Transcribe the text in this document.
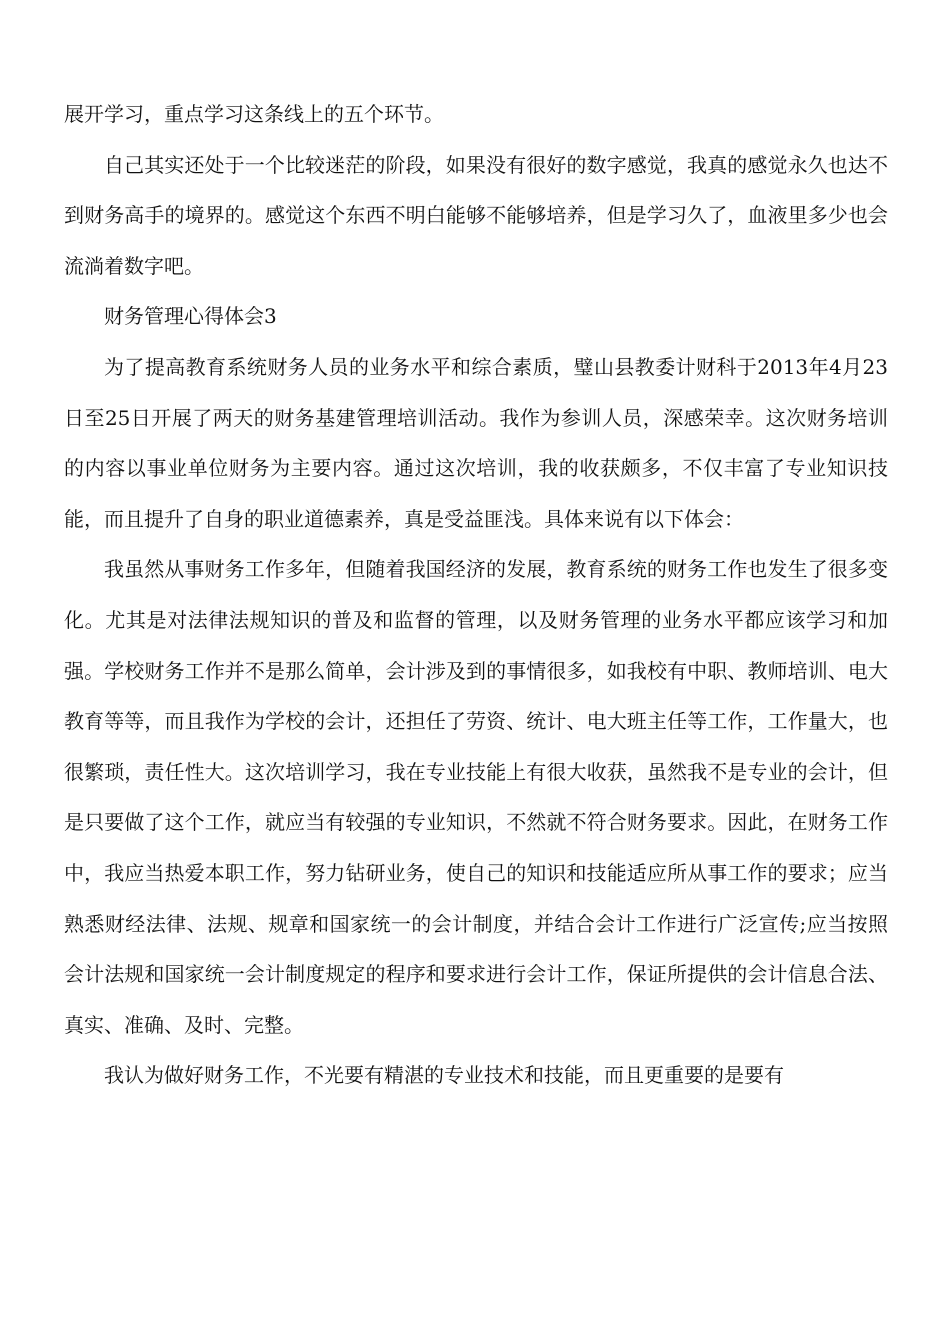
展开学习，重点学习这条线上的五个环节。

自己其实还处于一个比较迷茫的阶段，如果没有很好的数字感觉，我真的感觉永久也达不到财务高手的境界的。感觉这个东西不明白能够不能够培养，但是学习久了，血液里多少也会流淌着数字吧。

财务管理心得体会3

为了提高教育系统财务人员的业务水平和综合素质，璧山县教委计财科于2013年4月23日至25日开展了两天的财务基建管理培训活动。我作为参训人员，深感荣幸。这次财务培训的内容以事业单位财务为主要内容。通过这次培训，我的收获颇多，不仅丰富了专业知识技能，而且提升了自身的职业道德素养，真是受益匪浅。具体来说有以下体会：

我虽然从事财务工作多年，但随着我国经济的发展，教育系统的财务工作也发生了很多变化。尤其是对法律法规知识的普及和监督的管理，以及财务管理的业务水平都应该学习和加强。学校财务工作并不是那么简单，会计涉及到的事情很多，如我校有中职、教师培训、电大教育等等，而且我作为学校的会计，还担任了劳资、统计、电大班主任等工作，工作量大，也很繁琐，责任性大。这次培训学习，我在专业技能上有很大收获，虽然我不是专业的会计，但是只要做了这个工作，就应当有较强的专业知识，不然就不符合财务要求。因此，在财务工作中，我应当热爱本职工作，努力钻研业务，使自己的知识和技能适应所从事工作的要求；应当熟悉财经法律、法规、规章和国家统一的会计制度，并结合会计工作进行广泛宣传;应当按照会计法规和国家统一会计制度规定的程序和要求进行会计工作，保证所提供的会计信息合法、真实、准确、及时、完整。

我认为做好财务工作，不光要有精湛的专业技术和技能，而且更重要的是要有
